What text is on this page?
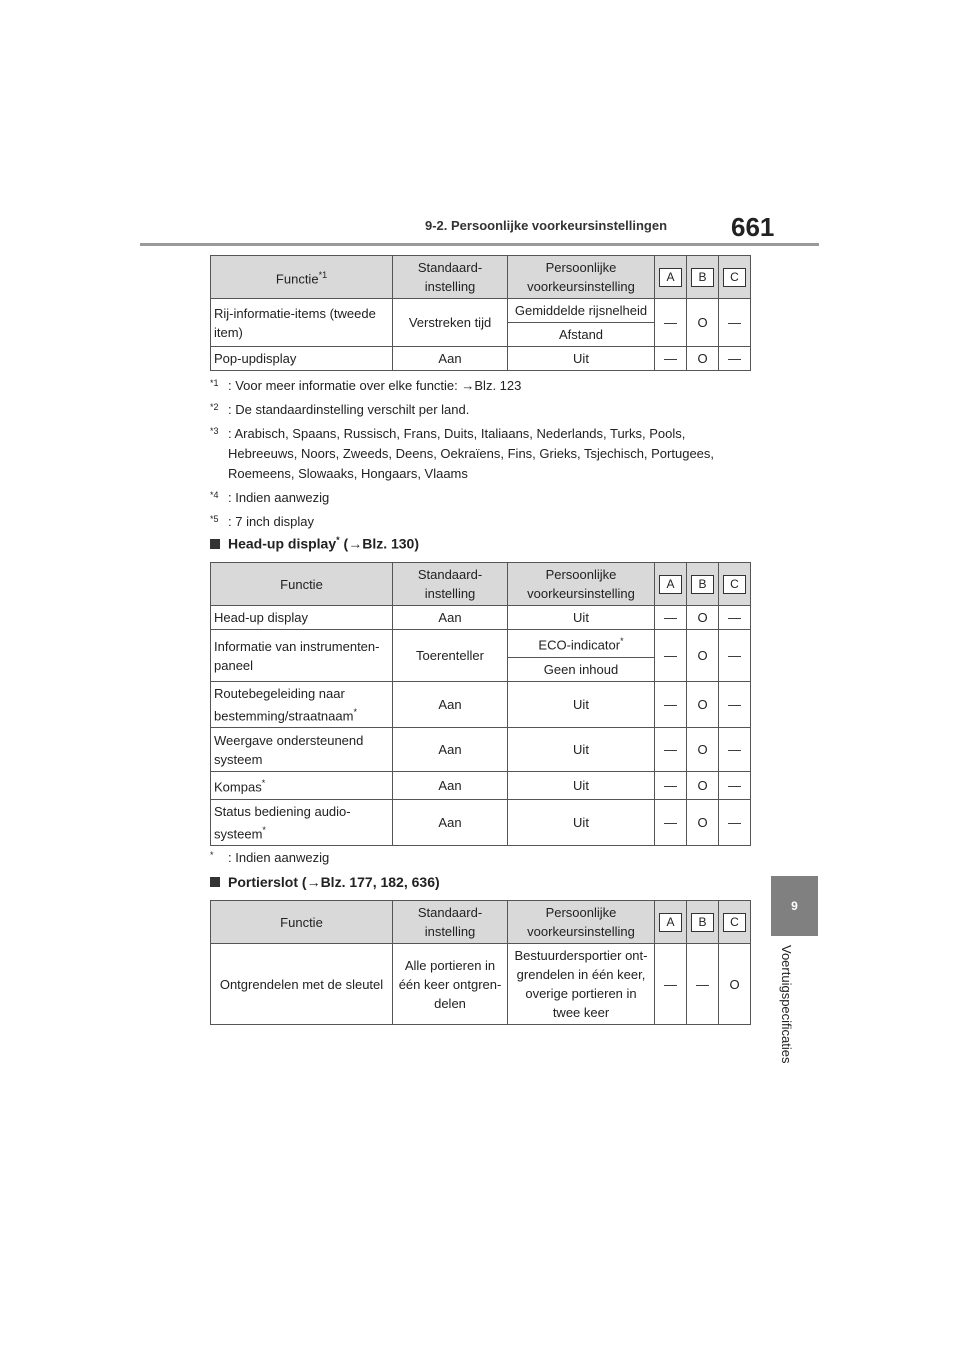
9-2. Persoonlijke voorkeursinstellingen 661
9
Voertuigspecificaties
Functie$^{*1}$	Standaard-instelling	Persoonlijke voorkeursinstelling	A	B	C
Rij-informatie-items (tweede item)	Verstreken tijd	Gemiddelde rijsnelheid	—	O	—
		Afstand			
Pop-updisplay	Aan	Uit	—	O	—
*1 : Voor meer informatie over elke functie: →Blz. 123
*2 : De standaardinstelling verschilt per land.
*3 : Arabisch, Spaans, Russisch, Frans, Duits, Italiaans, Nederlands, Turks, Pools, Hebreeuws, Noors, Zweeds, Deens, Oekraïens, Fins, Grieks, Tsjechisch, Portugees, Roemeens, Slowaaks, Hongaars, Vlaams
*4 : Indien aanwezig
*5 : 7 inch display
Head-up display* (→Blz. 130)
Functie	Standaard-instelling	Persoonlijke voorkeursinstelling	A	B	C
Head-up display	Aan	Uit	—	O	—
Informatie van instrumenten-paneel	Toerenteller	ECO-indicator*	—	O	—
		Geen inhoud			
Routebegeleiding naar bestemming/straatnaam*	Aan	Uit	—	O	—
Weergave ondersteunend systeem	Aan	Uit	—	O	—
Kompas*	Aan	Uit	—	O	—
Status bediening audio-systeem*	Aan	Uit	—	O	—
* : Indien aanwezig
Portierslot (→Blz. 177, 182, 636)
Functie	Standaard-instelling	Persoonlijke voorkeursinstelling	A	B	C
Ontgrendelen met de sleutel	Alle portieren in één keer ontgren-delen	Bestuurdersportier ont-grendelen in één keer, overige portieren in twee keer	—	—	O
